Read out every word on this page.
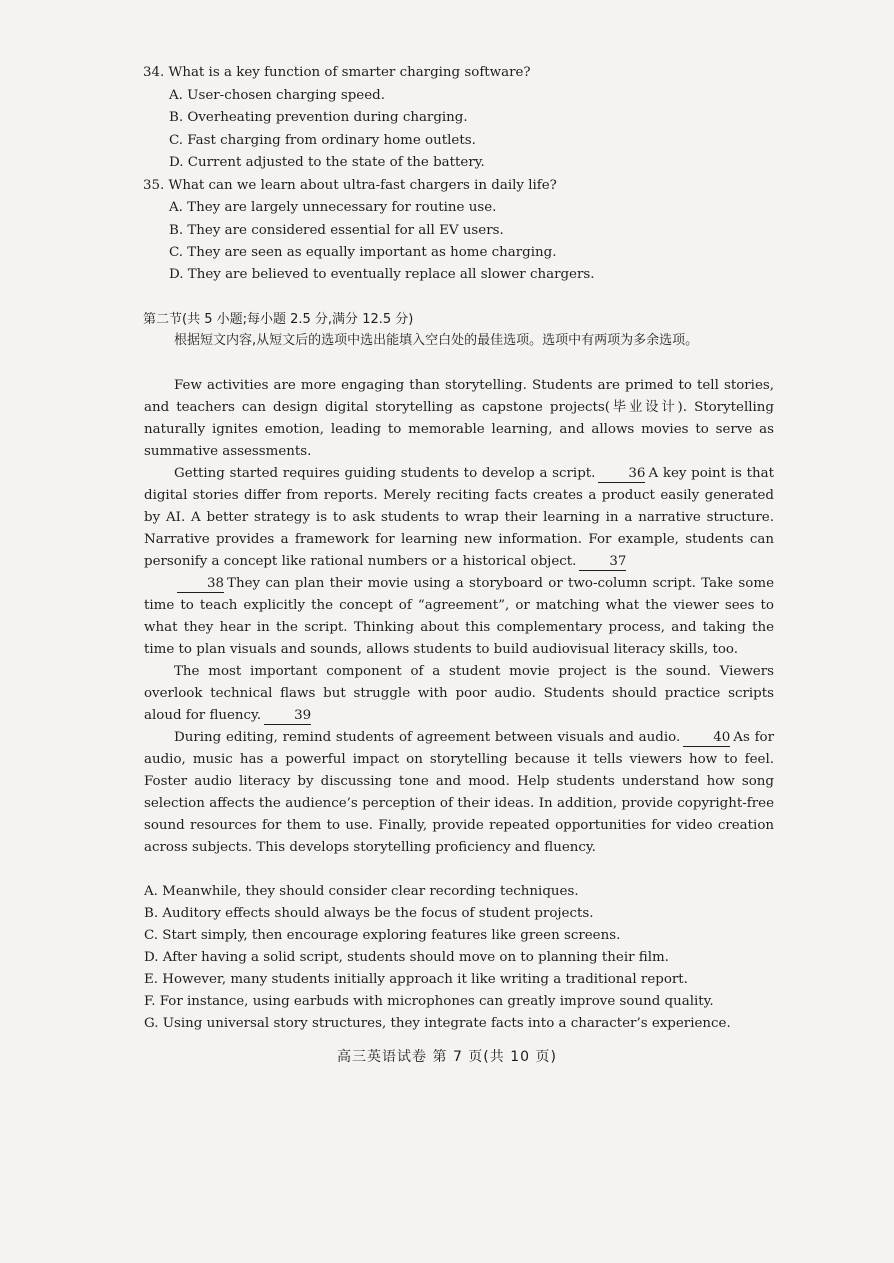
34. What is a key function of smarter charging software?
A. User-chosen charging speed.
B. Overheating prevention during charging.
C. Fast charging from ordinary home outlets.
D. Current adjusted to the state of the battery.
35. What can we learn about ultra-fast chargers in daily life?
A. They are largely unnecessary for routine use.
B. They are considered essential for all EV users.
C. They are seen as equally important as home charging.
D. They are believed to eventually replace all slower chargers.
第二节(共 5 小题;每小题 2.5 分,满分 12.5 分)
根据短文内容,从短文后的选项中选出能填入空白处的最佳选项。选项中有两项为多余选项。

Few activities are more engaging than storytelling. Students are primed to tell stories, and teachers can design digital storytelling as capstone projects(毕业设计). Storytelling naturally ignites emotion, leading to memorable learning, and allows movies to serve as summative assessments.

Getting started requires guiding students to develop a script. 36 A key point is that digital stories differ from reports. Merely reciting facts creates a product easily generated by AI. A better strategy is to ask students to wrap their learning in a narrative structure. Narrative provides a framework for learning new information. For example, students can personify a concept like rational numbers or a historical object. 37

38 They can plan their movie using a storyboard or two-column script. Take some time to teach explicitly the concept of “agreement”, or matching what the viewer sees to what they hear in the script. Thinking about this complementary process, and taking the time to plan visuals and sounds, allows students to build audiovisual literacy skills, too.

The most important component of a student movie project is the sound. Viewers overlook technical flaws but struggle with poor audio. Students should practice scripts aloud for fluency. 39

During editing, remind students of agreement between visuals and audio. 40 As for audio, music has a powerful impact on storytelling because it tells viewers how to feel. Foster audio literacy by discussing tone and mood. Help students understand how song selection affects the audience’s perception of their ideas. In addition, provide copyright-free sound resources for them to use. Finally, provide repeated opportunities for video creation across subjects. This develops storytelling proficiency and fluency.

A. Meanwhile, they should consider clear recording techniques.
B. Auditory effects should always be the focus of student projects.
C. Start simply, then encourage exploring features like green screens.
D. After having a solid script, students should move on to planning their film.
E. However, many students initially approach it like writing a traditional report.
F. For instance, using earbuds with microphones can greatly improve sound quality.
G. Using universal story structures, they integrate facts into a character’s experience.
高三英语试卷 第 7 页(共 10 页)
